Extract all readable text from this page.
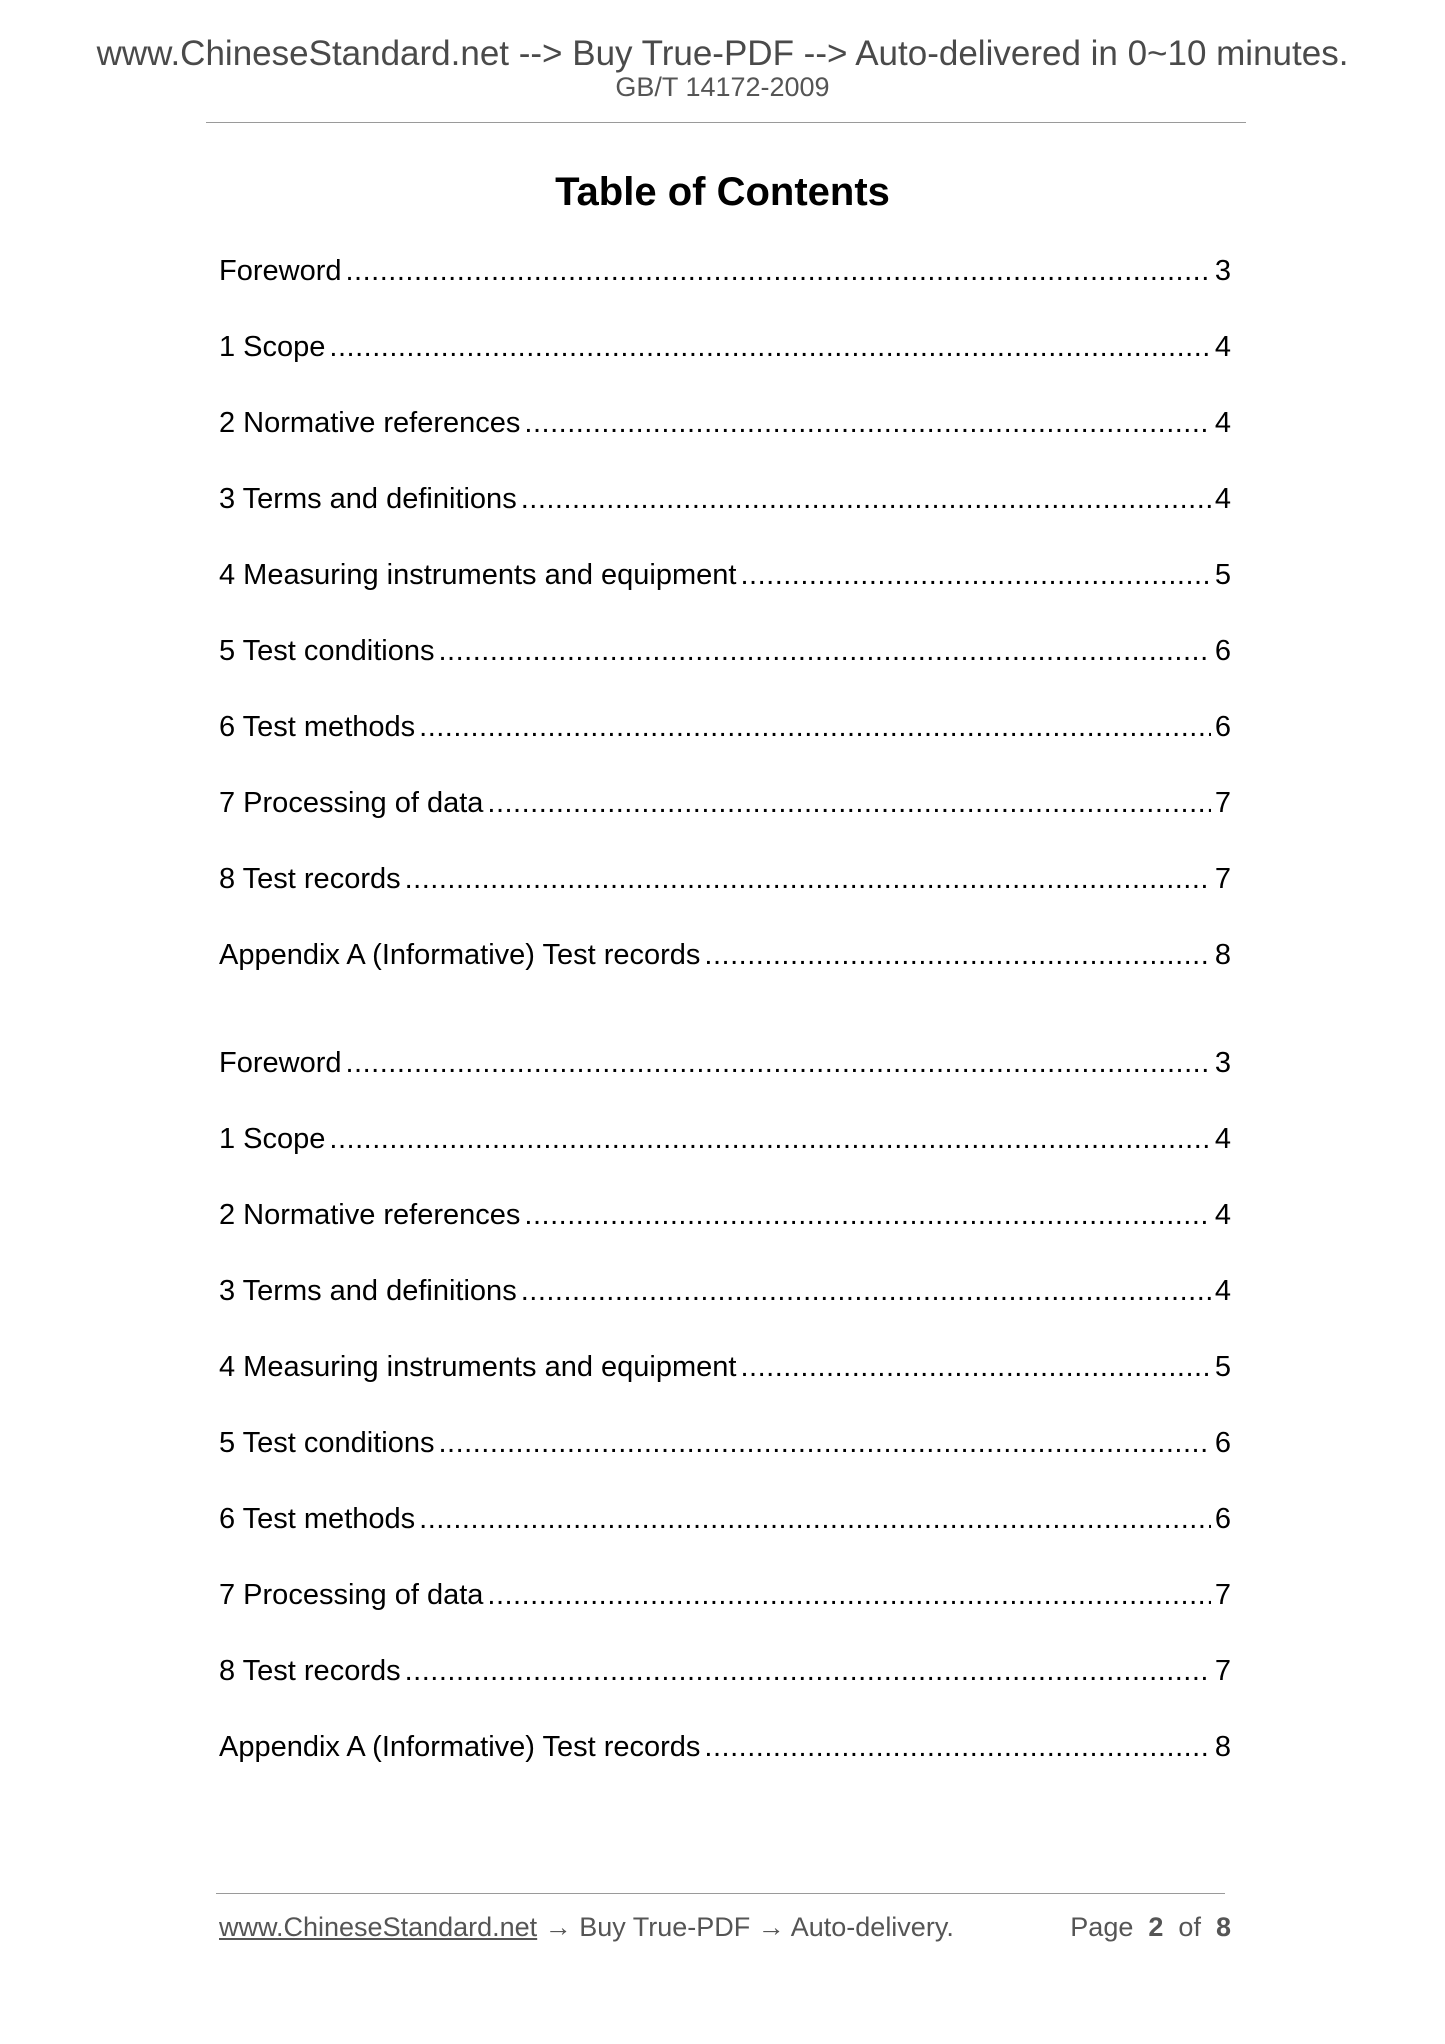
www.ChineseStandard.net --> Buy True-PDF --> Auto-delivered in 0~10 minutes.
GB/T 14172-2009
Table of Contents
Foreword .....	3
1 Scope .....	4
2 Normative references .....	4
3 Terms and definitions .....	4
4 Measuring instruments and equipment .....	5
5 Test conditions .....	6
6 Test methods .....	6
7 Processing of data .....	7
8 Test records .....	7
Appendix A (Informative) Test records .....	8
Foreword .....	3
1 Scope .....	4
2 Normative references .....	4
3 Terms and definitions .....	4
4 Measuring instruments and equipment .....	5
5 Test conditions .....	6
6 Test methods .....	6
7 Processing of data .....	7
8 Test records .....	7
Appendix A (Informative) Test records .....	8
www.ChineseStandard.net → Buy True-PDF → Auto-delivery.	Page 2 of 8
